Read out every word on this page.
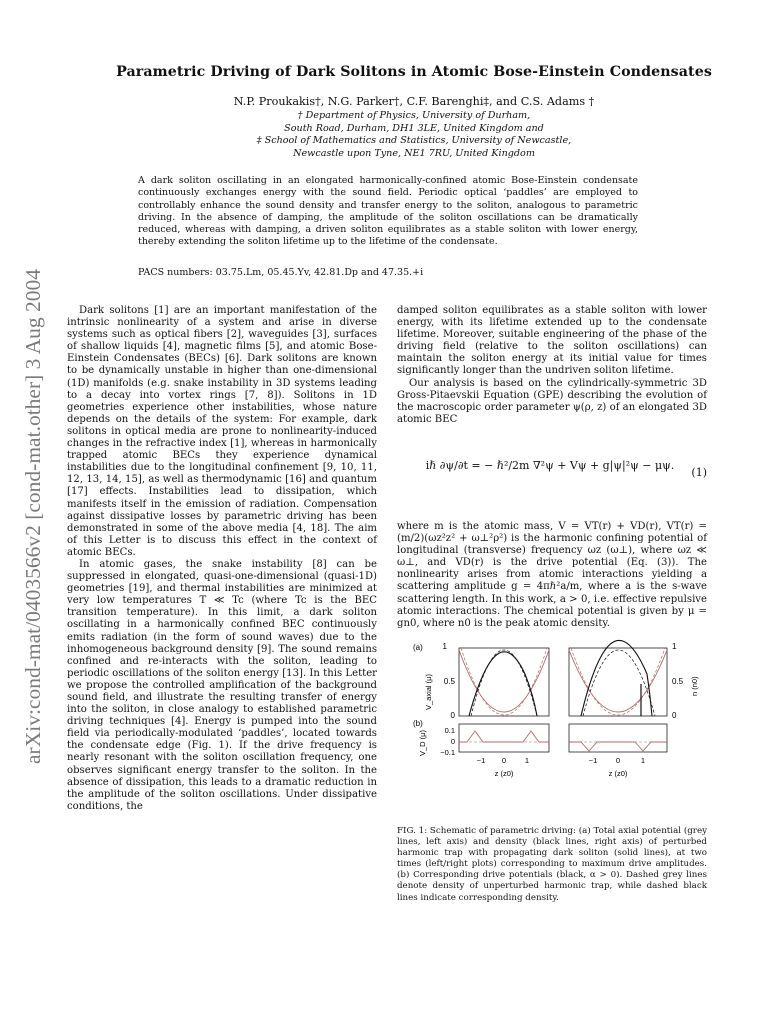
arXiv:cond-mat/0403566v2 [cond-mat.other] 3 Aug 2004
Parametric Driving of Dark Solitons in Atomic Bose-Einstein Condensates
N.P. Proukakis†, N.G. Parker†, C.F. Barenghi‡, and C.S. Adams †
† Department of Physics, University of Durham,
South Road, Durham, DH1 3LE, United Kingdom and
‡ School of Mathematics and Statistics, University of Newcastle,
Newcastle upon Tyne, NE1 7RU, United Kingdom
A dark soliton oscillating in an elongated harmonically-confined atomic Bose-Einstein condensate continuously exchanges energy with the sound field. Periodic optical ‘paddles’ are employed to controllably enhance the sound density and transfer energy to the soliton, analogous to parametric driving. In the absence of damping, the amplitude of the soliton oscillations can be dramatically reduced, whereas with damping, a driven soliton equilibrates as a stable soliton with lower energy, thereby extending the soliton lifetime up to the lifetime of the condensate.
PACS numbers: 03.75.Lm, 05.45.Yv, 42.81.Dp and 47.35.+i

Dark solitons [1] are an important manifestation of the intrinsic nonlinearity of a system and arise in diverse systems such as optical fibers [2], waveguides [3], surfaces of shallow liquids [4], magnetic films [5], and atomic Bose-Einstein Condensates (BECs) [6]. Dark solitons are known to be dynamically unstable in higher than one-dimensional (1D) manifolds (e.g. snake instability in 3D systems leading to a decay into vortex rings [7, 8]). Solitons in 1D geometries experience other instabilities, whose nature depends on the details of the system: For example, dark solitons in optical media are prone to nonlinearity-induced changes in the refractive index [1], whereas in harmonically trapped atomic BECs they experience dynamical instabilities due to the longitudinal confinement [9, 10, 11, 12, 13, 14, 15], as well as thermodynamic [16] and quantum [17] effects. Instabilities lead to dissipation, which manifests itself in the emission of radiation. Compensation against dissipative losses by parametric driving has been demonstrated in some of the above media [4, 18]. The aim of this Letter is to discuss this effect in the context of atomic BECs.

In atomic gases, the snake instability [8] can be suppressed in elongated, quasi-one-dimensional (quasi-1D) geometries [19], and thermal instabilities are minimized at very low temperatures T ≪ Tc (where Tc is the BEC transition temperature). In this limit, a dark soliton oscillating in a harmonically confined BEC continuously emits radiation (in the form of sound waves) due to the inhomogeneous background density [9]. The sound remains confined and re-interacts with the soliton, leading to periodic oscillations of the soliton energy [13]. In this Letter we propose the controlled amplification of the background sound field, and illustrate the resulting transfer of energy into the soliton, in close analogy to established parametric driving techniques [4]. Energy is pumped into the sound field via periodically-modulated ‘paddles’, located towards the condensate edge (Fig. 1). If the drive frequency is nearly resonant with the soliton oscillation frequency, one observes significant energy transfer to the soliton. In the absence of dissipation, this leads to a dramatic reduction in the amplitude of the soliton oscillations. Under dissipative conditions, the

damped soliton equilibrates as a stable soliton with lower energy, with its lifetime extended up to the condensate lifetime. Moreover, suitable engineering of the phase of the driving field (relative to the soliton oscillations) can maintain the soliton energy at its initial value for times significantly longer than the undriven soliton lifetime.

Our analysis is based on the cylindrically-symmetric 3D Gross-Pitaevskii Equation (GPE) describing the evolution of the macroscopic order parameter ψ(ρ, z) of an elongated 3D atomic BEC

iℏ ∂ψ/∂t = − ℏ²/2m ∇²ψ + Vψ + g|ψ|²ψ − μψ.
(1)

where m is the atomic mass, V = VT(r) + VD(r), VT(r) = (m/2)(ωz²z² + ω⊥²ρ²) is the harmonic confining potential of longitudinal (transverse) frequency ωz (ω⊥), where ωz ≪ ω⊥, and VD(r) is the drive potential (Eq. (3)). The nonlinearity arises from atomic interactions yielding a scattering amplitude g = 4πℏ²a/m, where a is the s-wave scattering length. In this work, a > 0, i.e. effective repulsive atomic interactions. The chemical potential is given by μ = gn0, where n0 is the peak atomic density.

(a)
(b)
1
0.5
0
V_axial (μ)
1
0.5
0
n (n0)
0.1
0
−0.1
V_D (μ)
−1 0	1
z (z0)
−1 0	1
z (z0)
FIG. 1: Schematic of parametric driving: (a) Total axial potential (grey lines, left axis) and density (black lines, right axis) of perturbed harmonic trap with propagating dark soliton (solid lines), at two times (left/right plots) corresponding to maximum drive amplitudes. (b) Corresponding drive potentials (black, α > 0). Dashed grey lines denote density of unperturbed harmonic trap, while dashed black lines indicate corresponding density.
